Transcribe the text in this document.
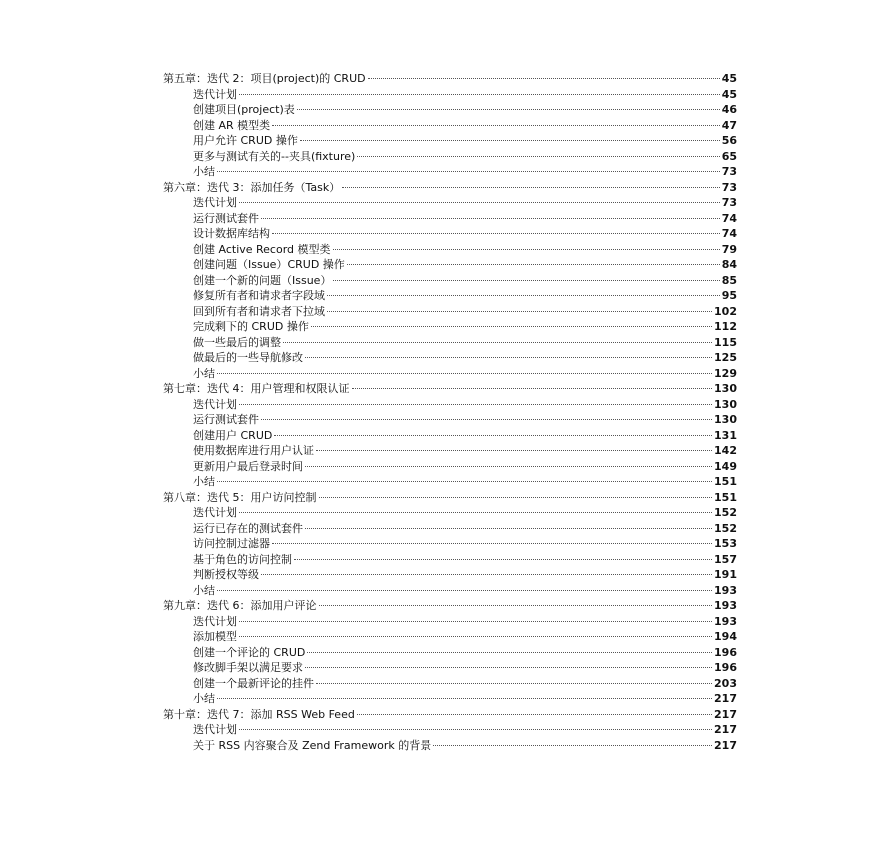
第五章：迭代 2：项目(project)的 CRUD	45
迭代计划	45
创建项目(project)表	46
创建 AR 模型类	47
用户允许 CRUD 操作	56
更多与测试有关的--夹具(fixture)	65
小结	73
第六章：迭代 3：添加任务（Task）	73
迭代计划	73
运行测试套件	74
设计数据库结构	74
创建 Active Record 模型类	79
创建问题（Issue）CRUD 操作	84
创建一个新的问题（Issue）	85
修复所有者和请求者字段域	95
回到所有者和请求者下拉域	102
完成剩下的 CRUD 操作	112
做一些最后的调整	115
做最后的一些导航修改	125
小结	129
第七章：迭代 4：用户管理和权限认证	130
迭代计划	130
运行测试套件	130
创建用户 CRUD	131
使用数据库进行用户认证	142
更新用户最后登录时间	149
小结	151
第八章：迭代 5：用户访问控制	151
迭代计划	152
运行已存在的测试套件	152
访问控制过滤器	153
基于角色的访问控制	157
判断授权等级	191
小结	193
第九章：迭代 6：添加用户评论	193
迭代计划	193
添加模型	194
创建一个评论的 CRUD	196
修改脚手架以满足要求	196
创建一个最新评论的挂件	203
小结	217
第十章：迭代 7：添加 RSS Web Feed	217
迭代计划	217
关于 RSS 内容聚合及 Zend Framework 的背景	217
